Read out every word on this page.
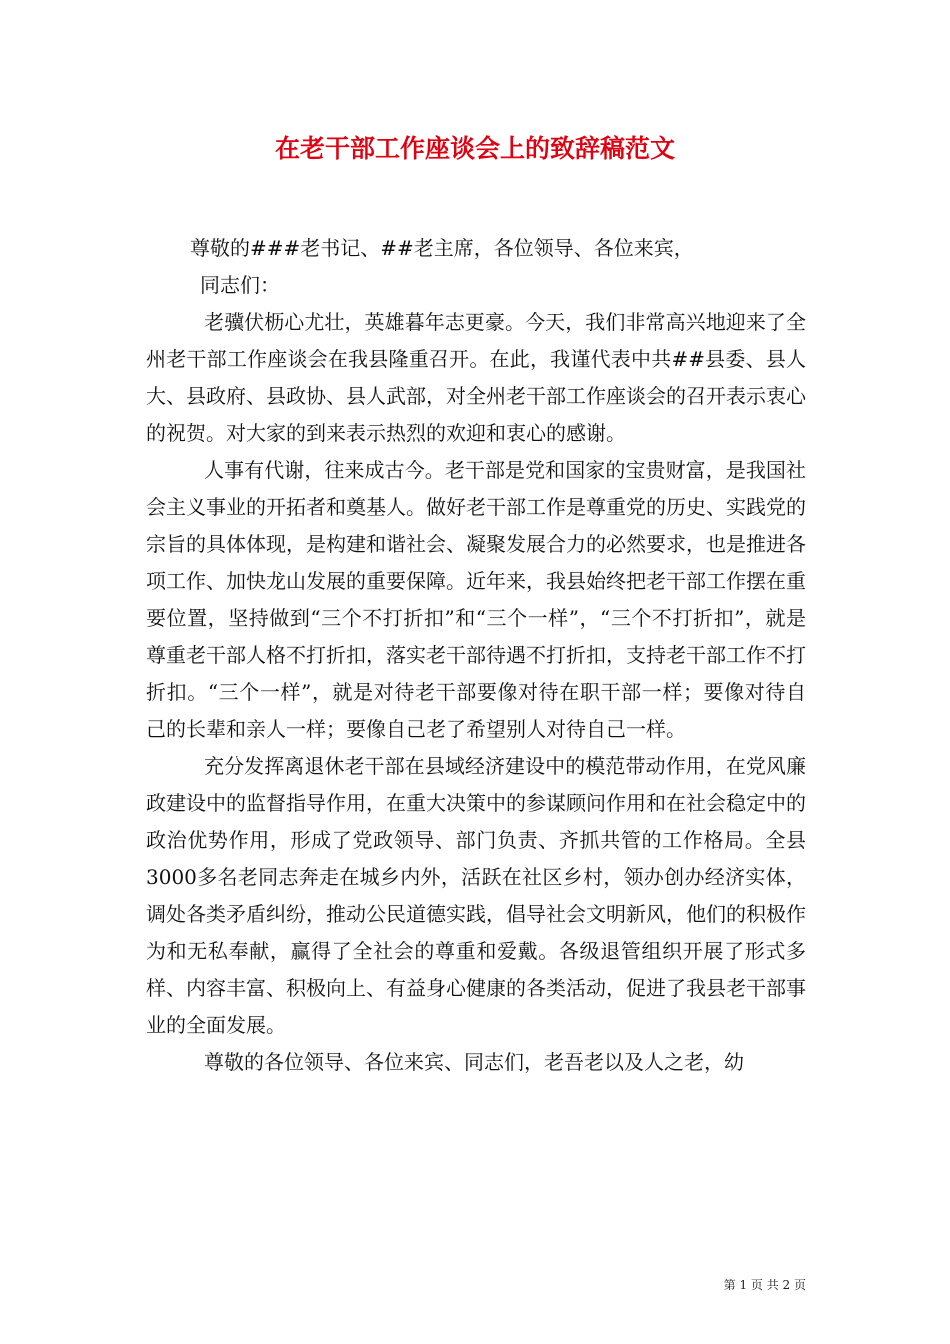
在老干部工作座谈会上的致辞稿范文

尊敬的###老书记、##老主席，各位领导、各位来宾，

同志们：

老骥伏枥心尤壮，英雄暮年志更豪。今天，我们非常高兴地迎来了全州老干部工作座谈会在我县隆重召开。在此，我谨代表中共##县委、县人大、县政府、县政协、县人武部，对全州老干部工作座谈会的召开表示衷心的祝贺。对大家的到来表示热烈的欢迎和衷心的感谢。

人事有代谢，往来成古今。老干部是党和国家的宝贵财富，是我国社会主义事业的开拓者和奠基人。做好老干部工作是尊重党的历史、实践党的宗旨的具体体现，是构建和谐社会、凝聚发展合力的必然要求，也是推进各项工作、加快龙山发展的重要保障。近年来，我县始终把老干部工作摆在重要位置，坚持做到“三个不打折扣”和“三个一样”，“三个不打折扣”，就是尊重老干部人格不打折扣，落实老干部待遇不打折扣，支持老干部工作不打折扣。“三个一样”，就是对待老干部要像对待在职干部一样；要像对待自己的长辈和亲人一样；要像自己老了希望别人对待自己一样。

充分发挥离退休老干部在县域经济建设中的模范带动作用，在党风廉政建设中的监督指导作用，在重大决策中的参谋顾问作用和在社会稳定中的政治优势作用，形成了党政领导、部门负责、齐抓共管的工作格局。全县3000多名老同志奔走在城乡内外，活跃在社区乡村，领办创办经济实体，调处各类矛盾纠纷，推动公民道德实践，倡导社会文明新风，他们的积极作为和无私奉献，赢得了全社会的尊重和爱戴。各级退管组织开展了形式多样、内容丰富、积极向上、有益身心健康的各类活动，促进了我县老干部事业的全面发展。

尊敬的各位领导、各位来宾、同志们，老吾老以及人之老，幼

第 1 页 共 2 页
